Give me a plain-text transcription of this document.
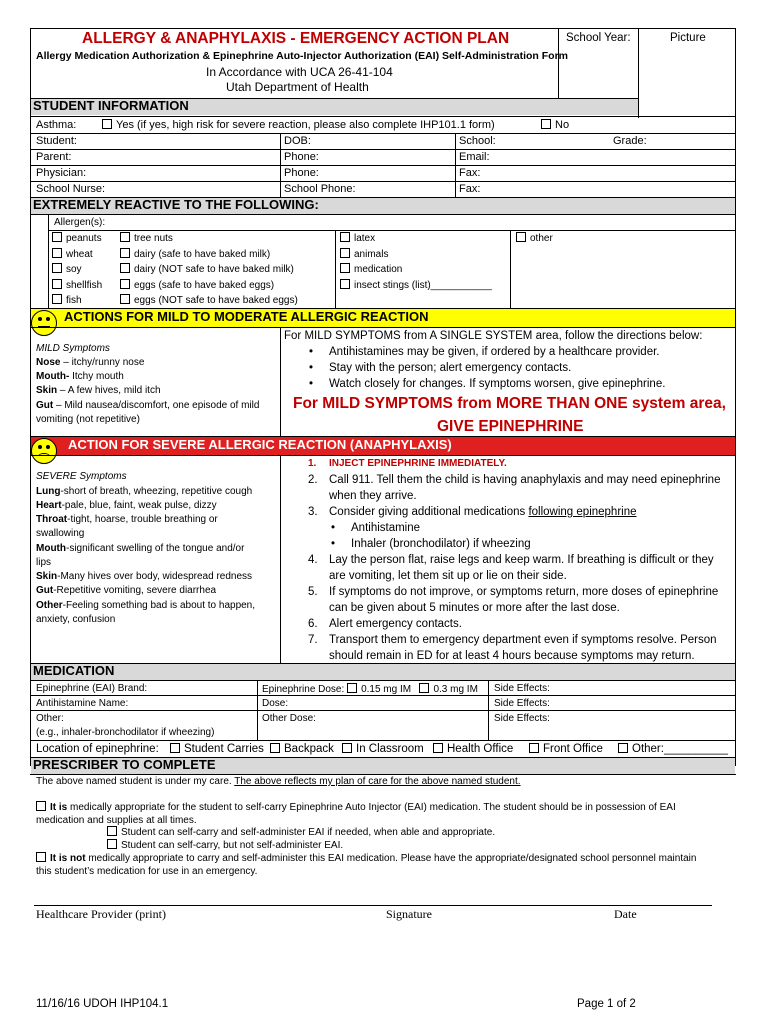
ALLERGY & ANAPHYLAXIS - EMERGENCY ACTION PLAN
Allergy Medication Authorization & Epinephrine Auto-Injector Authorization (EAI) Self-Administration Form
In Accordance with UCA 26-41-104
Utah Department of Health
School Year:	Picture
STUDENT INFORMATION
Asthma:	Yes (if yes, high risk for severe reaction, please also complete IHP101.1 form)	No
Student:	DOB:	School:	Grade:
Parent:	Phone:	Email:
Physician:	Phone:	Fax:
School Nurse:	School Phone:	Fax:
EXTREMELY REACTIVE TO THE FOLLOWING:
Allergen(s):
peanuts
wheat
soy
shellfish
fish
tree nuts
dairy (safe to have baked milk)
dairy (NOT safe to have baked milk)
eggs (safe to have baked eggs)
eggs (NOT safe to have baked eggs)
latex
animals
medication
insect stings (list)___________
other
ACTIONS FOR MILD TO MODERATE ALLERGIC REACTION
MILD Symptoms
Nose – itchy/runny nose
Mouth- Itchy mouth
Skin – A few hives, mild itch
Gut – Mild nausea/discomfort, one episode of mild
vomiting (not repetitive)
For MILD SYMPTOMS from A SINGLE SYSTEM area, follow the directions below:
• Antihistamines may be given, if ordered by a healthcare provider.
• Stay with the person; alert emergency contacts.
• Watch closely for changes. If symptoms worsen, give epinephrine.
For MILD SYMPTOMS from MORE THAN ONE system area,
GIVE EPINEPHRINE
ACTION FOR SEVERE ALLERGIC REACTION (ANAPHYLAXIS)
SEVERE Symptoms
Lung-short of breath, wheezing, repetitive cough
Heart-pale, blue, faint, weak pulse, dizzy
Throat-tight, hoarse, trouble breathing or
swallowing
Mouth-significant swelling of the tongue and/or
lips
Skin-Many hives over body, widespread redness
Gut-Repetitive vomiting, severe diarrhea
Other-Feeling something bad is about to happen,
anxiety, confusion
1. INJECT EPINEPHRINE IMMEDIATELY.
2. Call 911. Tell them the child is having anaphylaxis and may need epinephrine
when they arrive.
3. Consider giving additional medications following epinephrine
• Antihistamine
• Inhaler (bronchodilator) if wheezing
4. Lay the person flat, raise legs and keep warm. If breathing is difficult or they
are vomiting, let them sit up or lie on their side.
5. If symptoms do not improve, or symptoms return, more doses of epinephrine
can be given about 5 minutes or more after the last dose.
6. Alert emergency contacts.
7. Transport them to emergency department even if symptoms resolve. Person
should remain in ED for at least 4 hours because symptoms may return.
MEDICATION
Epinephrine (EAI) Brand:	Epinephrine Dose: 0.15 mg IM 0.3 mg IM Side Effects:
Antihistamine Name:	Dose:	Side Effects:
Other:	Other Dose:	Side Effects:
(e.g., inhaler-bronchodilator if wheezing)
Location of epinephrine:	Student Carries	Backpack	In Classroom	Health Office	Front Office	Other:__________
PRESCRIBER TO COMPLETE
The above named student is under my care. The above reflects my plan of care for the above named student.
It is medically appropriate for the student to self-carry Epinephrine Auto Injector (EAI) medication. The student should be in possession of EAI
medication and supplies at all times.
Student can self-carry and self-administer EAI if needed, when able and appropriate.
Student can self-carry, but not self-administer EAI.
It is not medically appropriate to carry and self-administer this EAI medication. Please have the appropriate/designated school personnel maintain
this student’s medication for use in an emergency.
Healthcare Provider (print)	Signature	Date
11/16/16 UDOH IHP104.1	Page 1 of 2
